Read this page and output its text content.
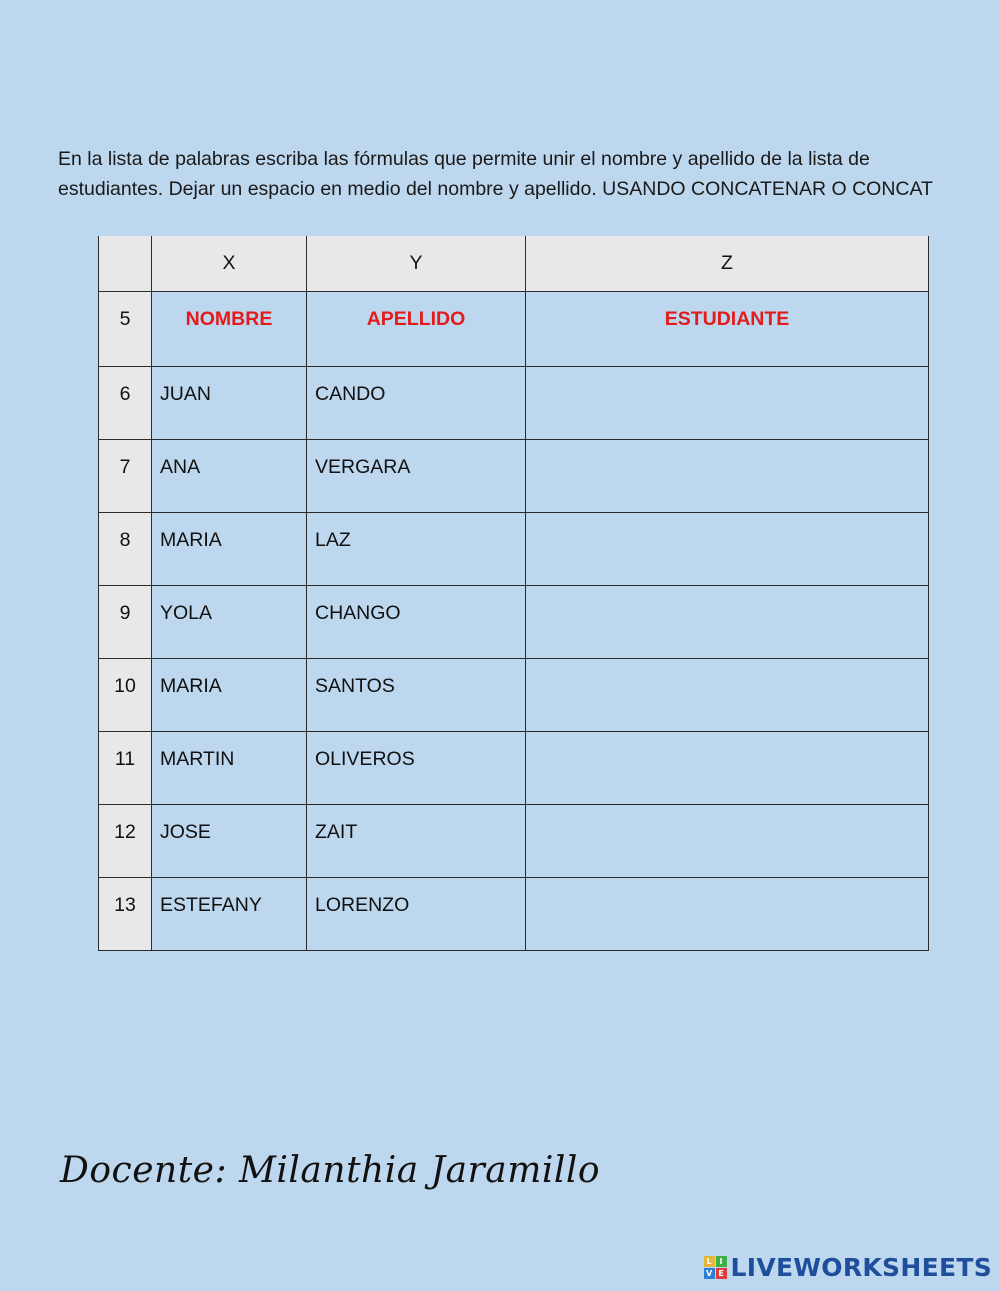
En la lista de palabras escriba las fórmulas que permite unir el nombre y apellido de la lista de estudiantes. Dejar un espacio en medio del nombre y apellido. USANDO CONCATENAR O CONCAT

	X	Y	Z
5	NOMBRE	APELLIDO	ESTUDIANTE
6	JUAN	CANDO	
7	ANA	VERGARA	
8	MARIA	LAZ	
9	YOLA	CHANGO	
10	MARIA	SANTOS	
11	MARTIN	OLIVEROS	
12	JOSE	ZAIT	
13	ESTEFANY	LORENZO	
Docente: Milanthia Jaramillo
L I
V E LIVEWORKSHEETS
